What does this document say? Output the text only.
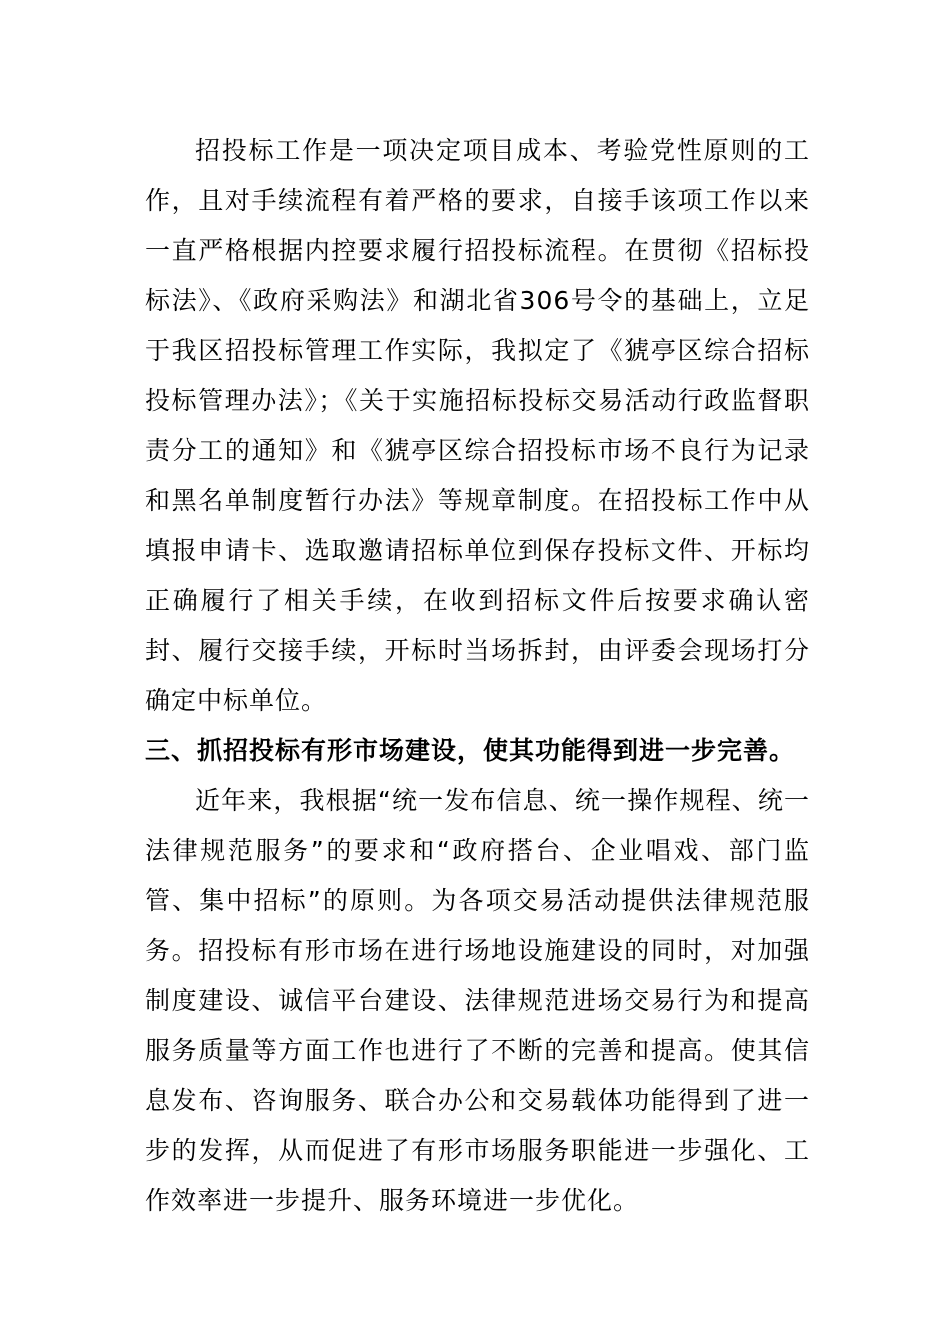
招投标工作是一项决定项目成本、考验党性原则的工作，且对手续流程有着严格的要求，自接手该项工作以来一直严格根据内控要求履行招投标流程。在贯彻《招标投标法》、《政府采购法》和湖北省306号令的基础上，立足于我区招投标管理工作实际，我拟定了《猇亭区综合招标投标管理办法》；《关于实施招标投标交易活动行政监督职责分工的通知》和《猇亭区综合招投标市场不良行为记录和黑名单制度暂行办法》等规章制度。在招投标工作中从填报申请卡、选取邀请招标单位到保存投标文件、开标均正确履行了相关手续，在收到招标文件后按要求确认密封、履行交接手续，开标时当场拆封，由评委会现场打分确定中标单位。

三、抓招投标有形市场建设，使其功能得到进一步完善。

近年来，我根据“统一发布信息、统一操作规程、统一法律规范服务”的要求和“政府搭台、企业唱戏、部门监管、集中招标”的原则。为各项交易活动提供法律规范服务。招投标有形市场在进行场地设施建设的同时，对加强制度建设、诚信平台建设、法律规范进场交易行为和提高服务质量等方面工作也进行了不断的完善和提高。使其信息发布、咨询服务、联合办公和交易载体功能得到了进一步的发挥，从而促进了有形市场服务职能进一步强化、工作效率进一步提升、服务环境进一步优化。
